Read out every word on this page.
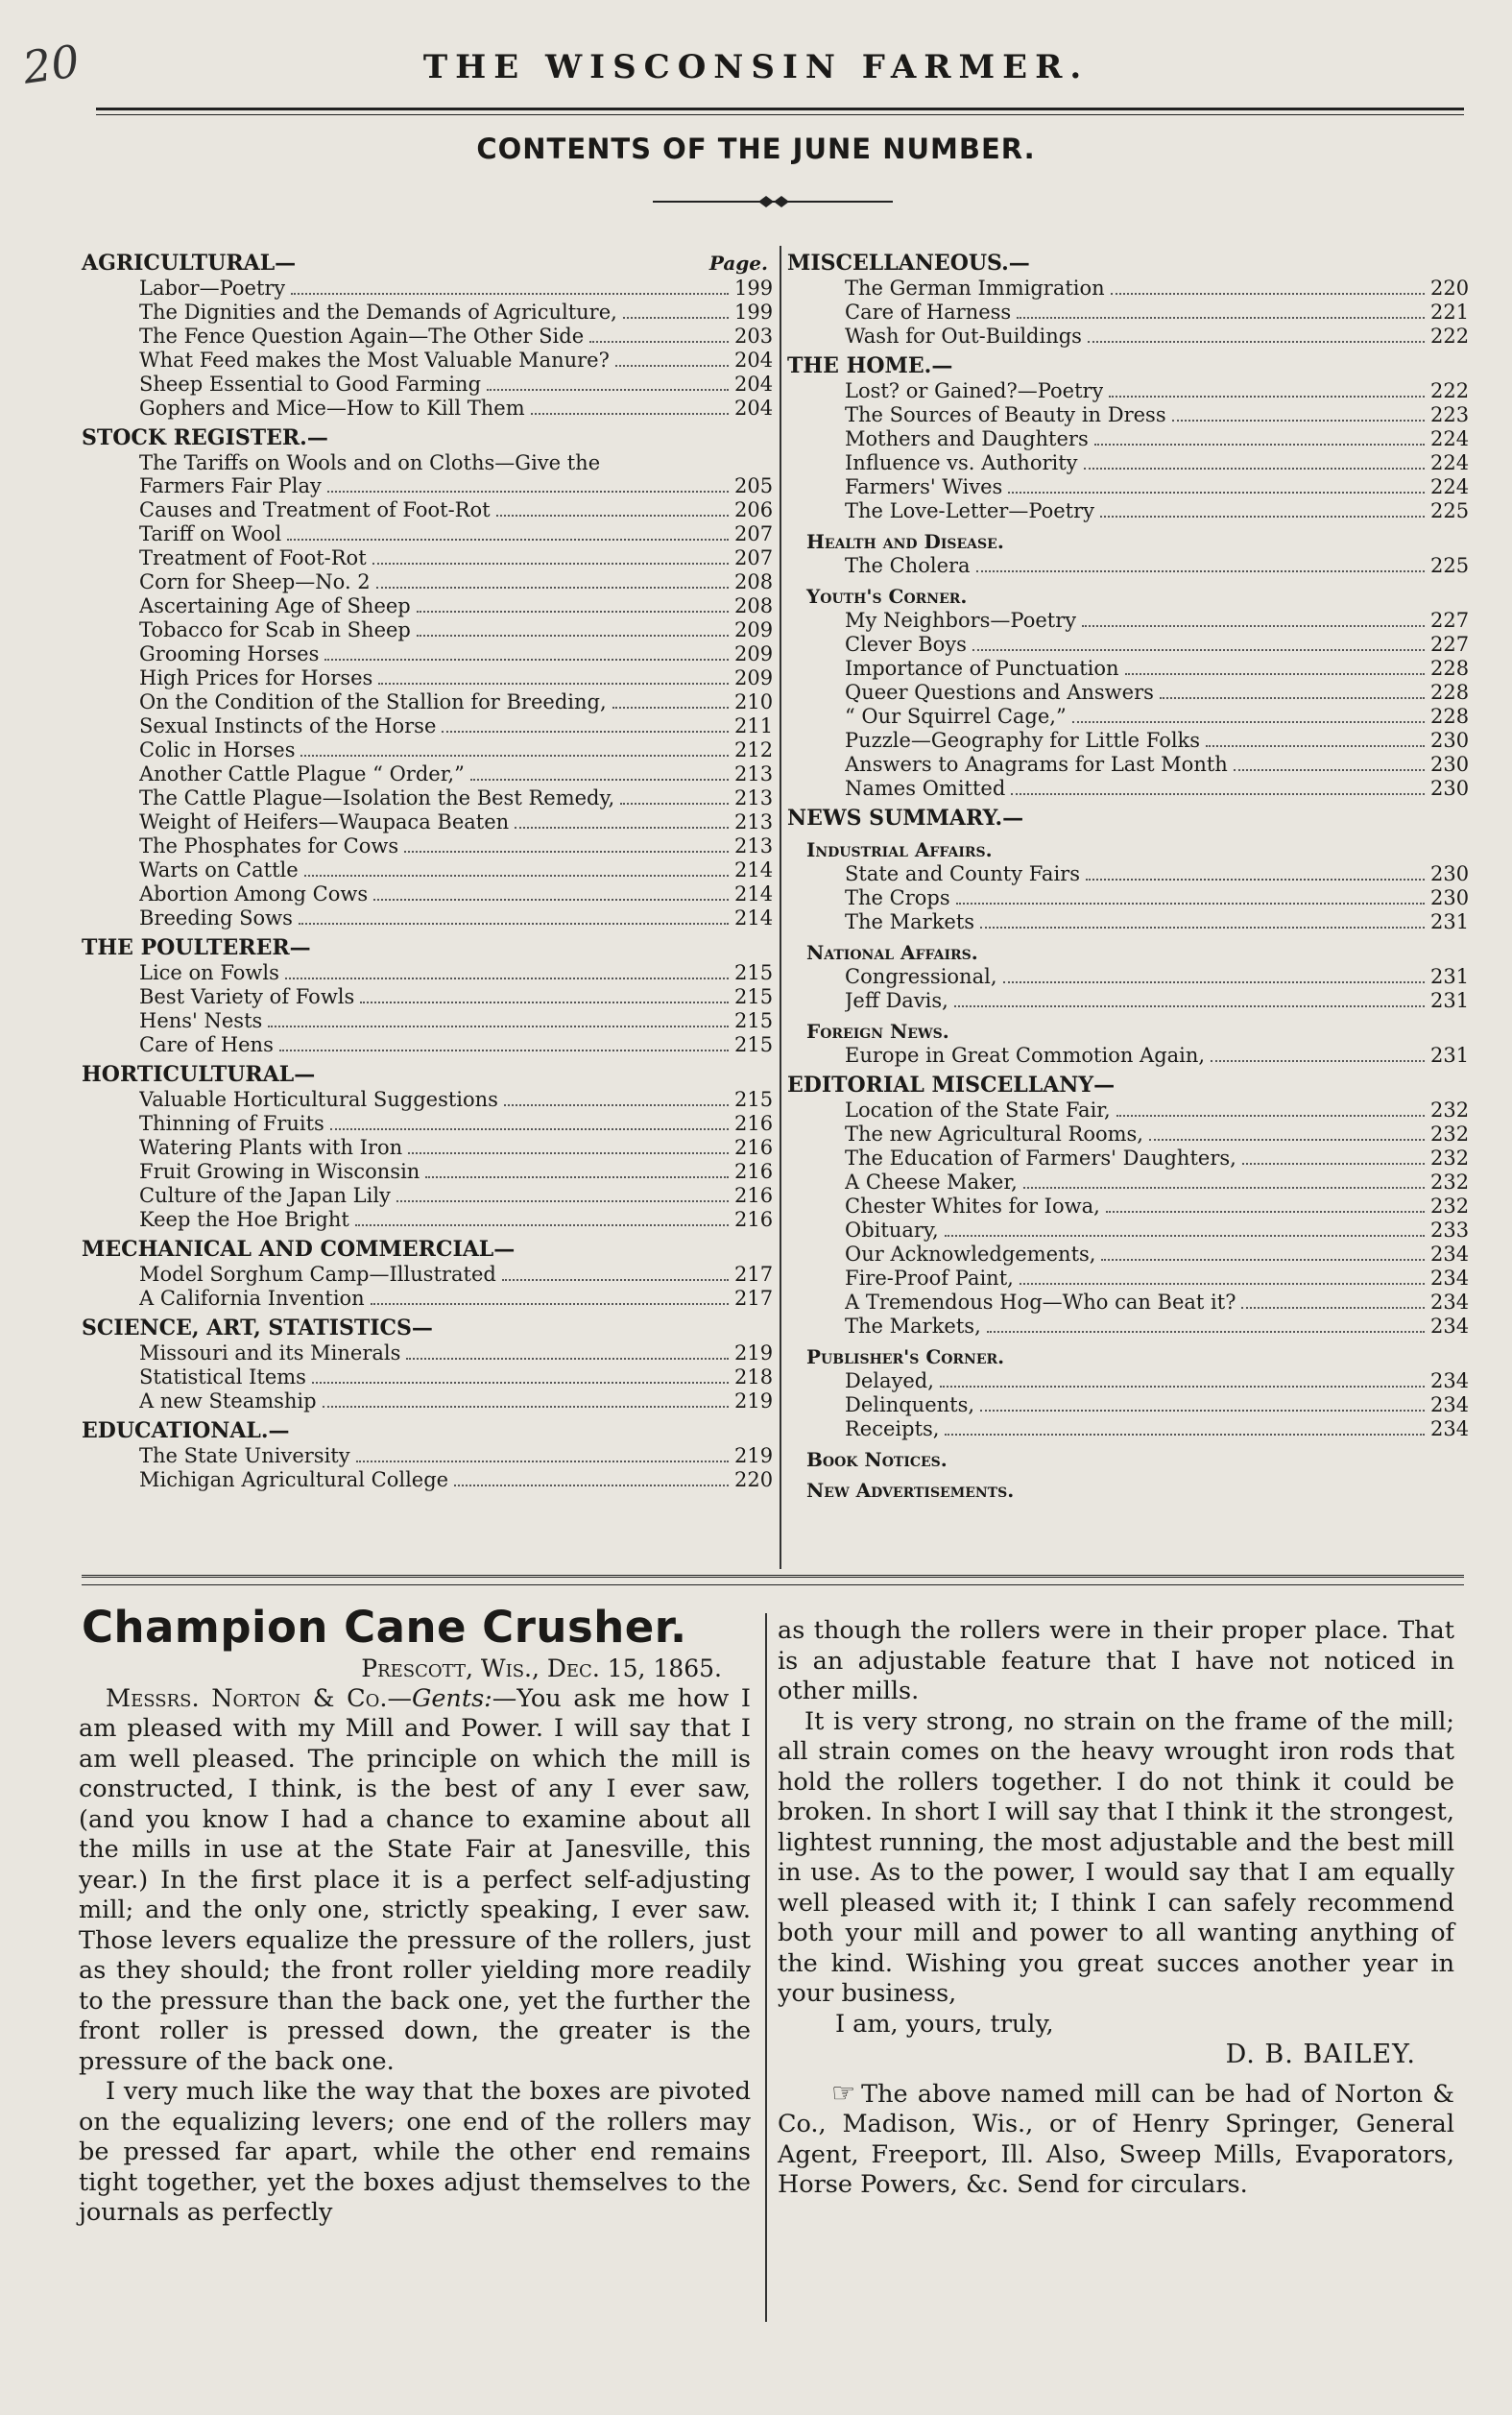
20	THE WISCONSIN FARMER.
CONTENTS OF THE JUNE NUMBER.
AGRICULTURAL—	Page.
Labor—Poetry	199
The Dignities and the Demands of Agriculture,	199
The Fence Question Again—The Other Side	203
What Feed makes the Most Valuable Manure?	204
Sheep Essential to Good Farming	204
Gophers and Mice—How to Kill Them	204
STOCK REGISTER.—
The Tariffs on Wools and on Cloths—Give the
Farmers Fair Play	205
Causes and Treatment of Foot-Rot	206
Tariff on Wool	207
Treatment of Foot-Rot	207
Corn for Sheep—No. 2	208
Ascertaining Age of Sheep	208
Tobacco for Scab in Sheep	209
Grooming Horses	209
High Prices for Horses	209
On the Condition of the Stallion for Breeding,	210
Sexual Instincts of the Horse	211
Colic in Horses	212
Another Cattle Plague “ Order,”	213
The Cattle Plague—Isolation the Best Remedy,	213
Weight of Heifers—Waupaca Beaten	213
The Phosphates for Cows	213
Warts on Cattle	214
Abortion Among Cows	214
Breeding Sows	214
THE POULTERER—
Lice on Fowls	215
Best Variety of Fowls	215
Hens' Nests	215
Care of Hens	215
HORTICULTURAL—
Valuable Horticultural Suggestions	215
Thinning of Fruits	216
Watering Plants with Iron	216
Fruit Growing in Wisconsin	216
Culture of the Japan Lily	216
Keep the Hoe Bright	216
MECHANICAL AND COMMERCIAL—
Model Sorghum Camp—Illustrated	217
A California Invention	217
SCIENCE, ART, STATISTICS—
Missouri and its Minerals	219
Statistical Items	218
A new Steamship	219
EDUCATIONAL.—
The State University	219
Michigan Agricultural College	220
MISCELLANEOUS.—
The German Immigration	220
Care of Harness	221
Wash for Out-Buildings	222
THE HOME.—
Lost? or Gained?—Poetry	222
The Sources of Beauty in Dress	223
Mothers and Daughters	224
Influence vs. Authority	224
Farmers' Wives	224
The Love-Letter—Poetry	225
Health and Disease.
The Cholera	225
Youth's Corner.
My Neighbors—Poetry	227
Clever Boys	227
Importance of Punctuation	228
Queer Questions and Answers	228
“ Our Squirrel Cage,”	228
Puzzle—Geography for Little Folks	230
Answers to Anagrams for Last Month	230
Names Omitted	230
NEWS SUMMARY.—
Industrial Affairs.
State and County Fairs	230
The Crops	230
The Markets	231
National Affairs.
Congressional,	231
Jeff Davis,	231
Foreign News.
Europe in Great Commotion Again,	231
EDITORIAL MISCELLANY—
Location of the State Fair,	232
The new Agricultural Rooms,	232
The Education of Farmers' Daughters,	232
A Cheese Maker,	232
Chester Whites for Iowa,	232
Obituary,	233
Our Acknowledgements,	234
Fire-Proof Paint,	234
A Tremendous Hog—Who can Beat it?	234
The Markets,	234
Publisher's Corner.
Delayed,	234
Delinquents,	234
Receipts,	234
Book Notices.
New Advertisements.
Champion Cane Crusher.
Prescott, Wis., Dec. 15, 1865.

Messrs. Norton & Co.—Gents:—You ask me how I am pleased with my Mill and Power. I will say that I am well pleased. The principle on which the mill is constructed, I think, is the best of any I ever saw, (and you know I had a chance to examine about all the mills in use at the State Fair at Janesville, this year.) In the first place it is a perfect self-adjusting mill; and the only one, strictly speaking, I ever saw. Those levers equalize the pressure of the rollers, just as they should; the front roller yielding more readily to the pressure than the back one, yet the further the front roller is pressed down, the greater is the pressure of the back one.

I very much like the way that the boxes are pivoted on the equalizing levers; one end of the rollers may be pressed far apart, while the other end remains tight together, yet the boxes adjust themselves to the journals as perfectly

as though the rollers were in their proper place. That is an adjustable feature that I have not noticed in other mills.

It is very strong, no strain on the frame of the mill; all strain comes on the heavy wrought iron rods that hold the rollers together. I do not think it could be broken. In short I will say that I think it the strongest, lightest running, the most adjustable and the best mill in use. As to the power, I would say that I am equally well pleased with it; I think I can safely recommend both your mill and power to all wanting anything of the kind. Wishing you great succes another year in your business,

I am, yours, truly,
D. B. BAILEY.

☞ The above named mill can be had of Norton & Co., Madison, Wis., or of Henry Springer, General Agent, Freeport, Ill. Also, Sweep Mills, Evaporators, Horse Powers, &c. Send for circulars.
